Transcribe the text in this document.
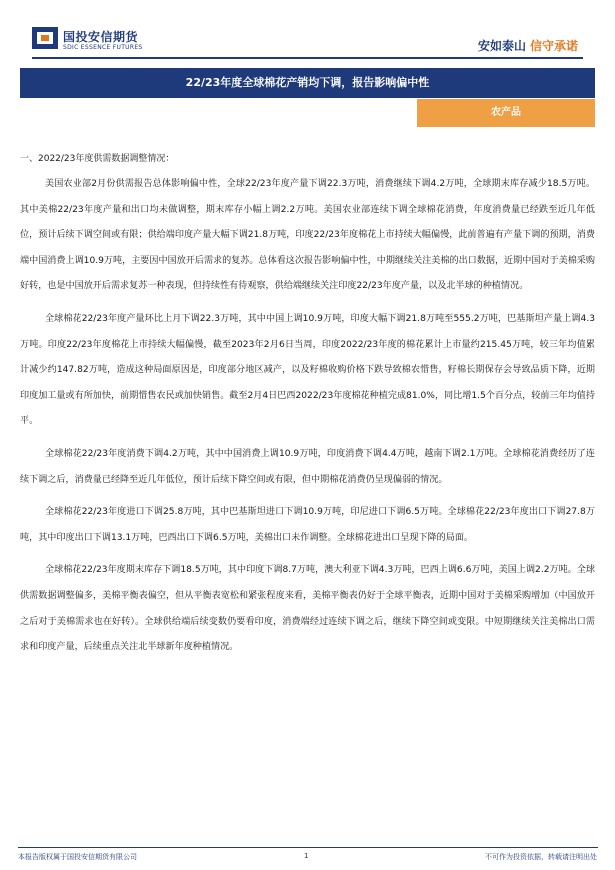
国投安信期货
SDIC ESSENCE FUTURES	安如泰山 信守承诺
22/23年度全球棉花产销均下调，报告影响偏中性
农产品

一、2022/23年度供需数据调整情况：

美国农业部2月份供需报告总体影响偏中性，全球22/23年度产量下调22.3万吨，消费继续下调4.2万吨，全球期末库存减少18.5万吨。其中美棉22/23年度产量和出口均未做调整，期末库存小幅上调2.2万吨。美国农业部连续下调全球棉花消费，年度消费量已经跌至近几年低位，预计后续下调空间或有限；供给端印度产量大幅下调21.8万吨，印度22/23年度棉花上市持续大幅偏慢，此前普遍有产量下调的预期，消费端中国消费上调10.9万吨，主要因中国放开后需求的复苏。总体看这次报告影响偏中性，中期继续关注美棉的出口数据，近期中国对于美棉采购好转，也是中国放开后需求复苏一种表现，但持续性有待观察，供给端继续关注印度22/23年度产量，以及北半球的种植情况。

全球棉花22/23年度产量环比上月下调22.3万吨，其中中国上调10.9万吨，印度大幅下调21.8万吨至555.2万吨，巴基斯坦产量上调4.3万吨。印度22/23年度棉花上市持续大幅偏慢，截至2023年2月6日当周，印度2022/23年度的棉花累计上市量约215.45万吨，较三年均值累计减少约147.82万吨，造成这种局面原因是，印度部分地区减产，以及籽棉收购价格下跌导致棉农惜售，籽棉长期保存会导致品质下降，近期印度加工量或有所加快，前期惜售农民或加快销售。截至2月4日巴西2022/23年度棉花种植完成81.0%，同比增1.5个百分点，较前三年均值持平。

全球棉花22/23年度消费下调4.2万吨，其中中国消费上调10.9万吨，印度消费下调4.4万吨，越南下调2.1万吨。全球棉花消费经历了连续下调之后，消费量已经降至近几年低位，预计后续下降空间或有限，但中期棉花消费仍呈现偏弱的情况。

全球棉花22/23年度进口下调25.8万吨，其中巴基斯坦进口下调10.9万吨，印尼进口下调6.5万吨。全球棉花22/23年度出口下调27.8万吨，其中印度出口下调13.1万吨，巴西出口下调6.5万吨，美棉出口未作调整。全球棉花进出口呈现下降的局面。

全球棉花22/23年度期末库存下调18.5万吨，其中印度下调8.7万吨，澳大利亚下调4.3万吨，巴西上调6.6万吨，美国上调2.2万吨。全球供需数据调整偏多，美棉平衡表偏空，但从平衡表宽松和紧张程度来看，美棉平衡表仍好于全球平衡表，近期中国对于美棉采购增加（中国放开之后对于美棉需求也在好转）。全球供给端后续变数仍要看印度，消费端经过连续下调之后，继续下降空间或变限。中短期继续关注美棉出口需求和印度产量，后续重点关注北半球新年度种植情况。

本报告版权属于国投安信期货有限公司	1	不可作为投资依据，转载请注明出处
